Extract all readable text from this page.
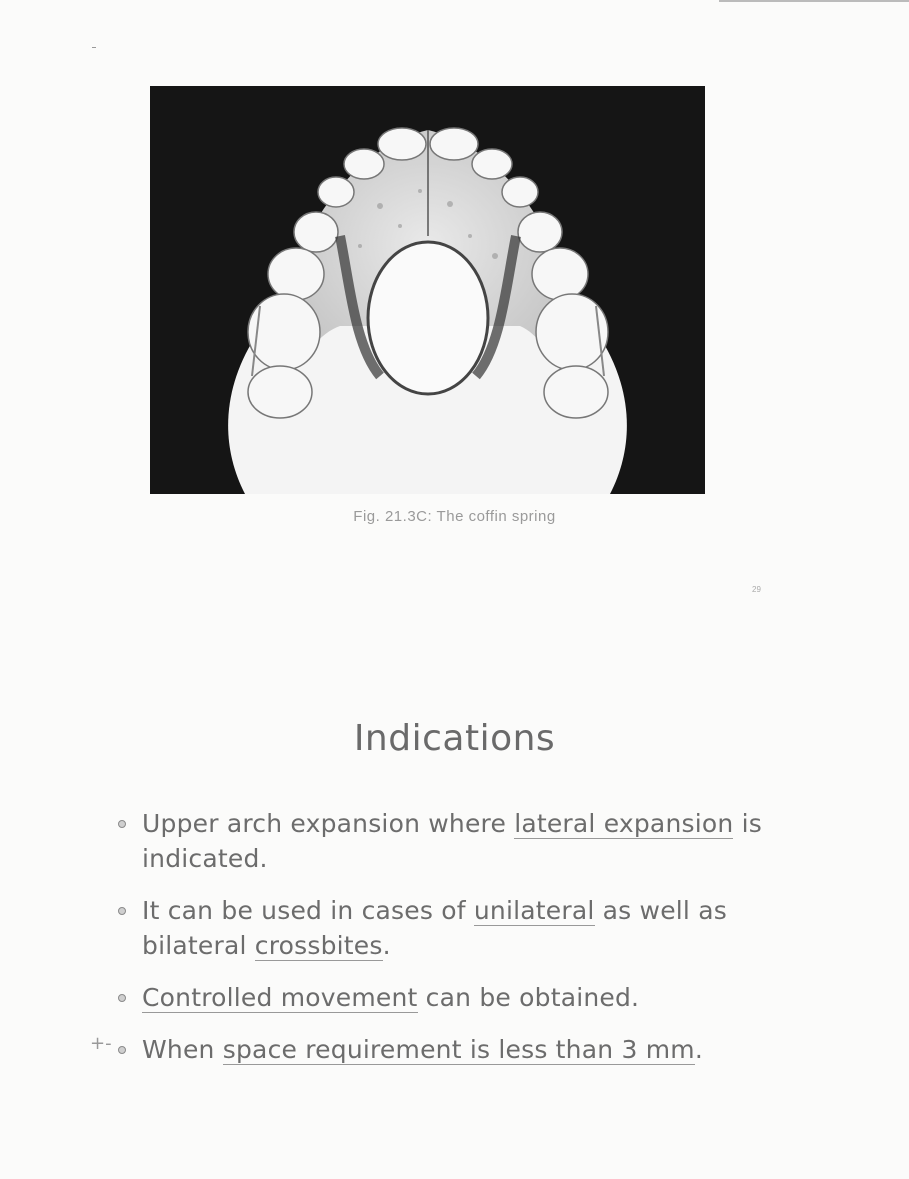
Fig. 21.3C: The coffin spring
29
Indications
Upper arch expansion where lateral expansion is indicated.
It can be used in cases of unilateral as well as bilateral crossbites.
Controlled movement can be obtained.
When space requirement is less than 3 mm.
+-
